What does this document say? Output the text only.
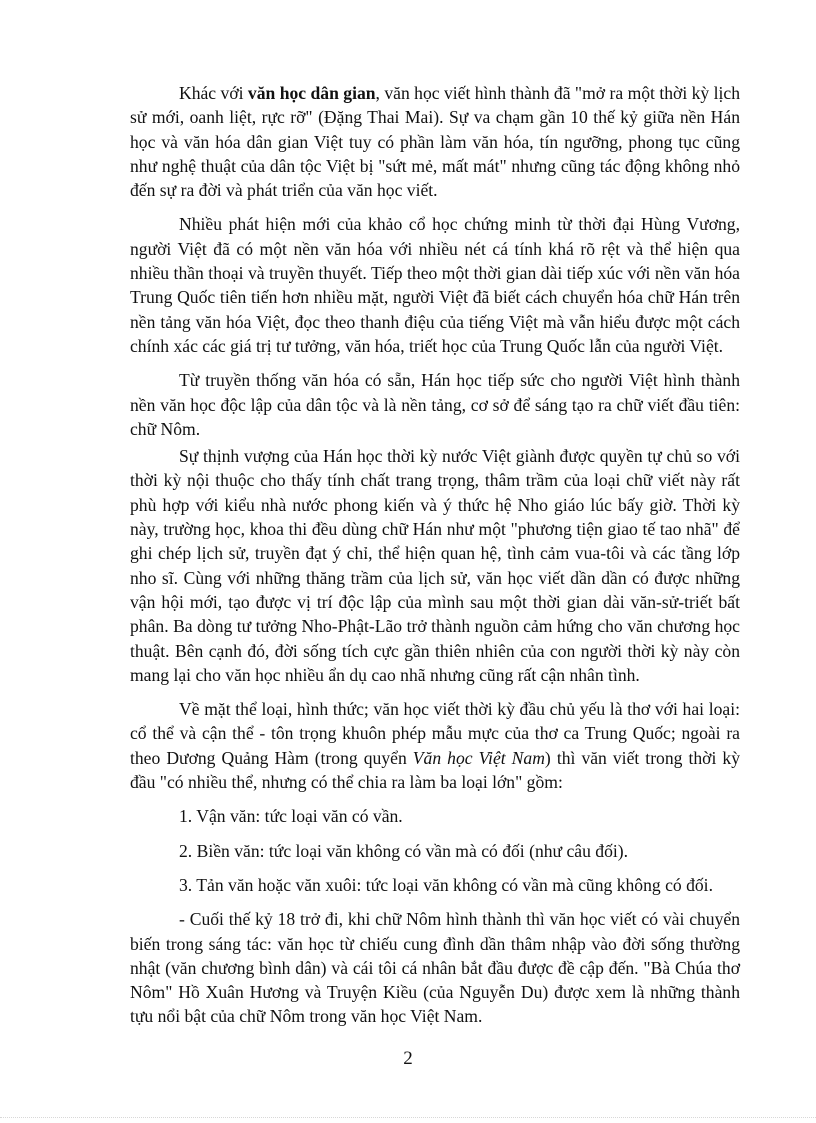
Khác với văn học dân gian, văn học viết hình thành đã "mở ra một thời kỳ lịch sử mới, oanh liệt, rực rỡ" (Đặng Thai Mai). Sự va chạm gần 10 thế kỷ giữa nền Hán học và văn hóa dân gian Việt tuy có phần làm văn hóa, tín ngưỡng, phong tục cũng như nghệ thuật của dân tộc Việt bị "sứt mẻ, mất mát" nhưng cũng tác động không nhỏ đến sự ra đời và phát triển của văn học viết.

Nhiều phát hiện mới của khảo cổ học chứng minh từ thời đại Hùng Vương, người Việt đã có một nền văn hóa với nhiều nét cá tính khá rõ rệt và thể hiện qua nhiều thần thoại và truyền thuyết. Tiếp theo một thời gian dài tiếp xúc với nền văn hóa Trung Quốc tiên tiến hơn nhiều mặt, người Việt đã biết cách chuyển hóa chữ Hán trên nền tảng văn hóa Việt, đọc theo thanh điệu của tiếng Việt mà vẫn hiểu được một cách chính xác các giá trị tư tưởng, văn hóa, triết học của Trung Quốc lẫn của người Việt.

Từ truyền thống văn hóa có sẵn, Hán học tiếp sức cho người Việt hình thành nền văn học độc lập của dân tộc và là nền tảng, cơ sở để sáng tạo ra chữ viết đầu tiên: chữ Nôm.

Sự thịnh vượng của Hán học thời kỳ nước Việt giành được quyền tự chủ so với thời kỳ nội thuộc cho thấy tính chất trang trọng, thâm trầm của loại chữ viết này rất phù hợp với kiểu nhà nước phong kiến và ý thức hệ Nho giáo lúc bấy giờ. Thời kỳ này, trường học, khoa thi đều dùng chữ Hán như một "phương tiện giao tế tao nhã" để ghi chép lịch sử, truyền đạt ý chỉ, thể hiện quan hệ, tình cảm vua-tôi và các tầng lớp nho sĩ. Cùng với những thăng trầm của lịch sử, văn học viết dần dần có được những vận hội mới, tạo được vị trí độc lập của mình sau một thời gian dài văn-sử-triết bất phân. Ba dòng tư tưởng Nho-Phật-Lão trở thành nguồn cảm hứng cho văn chương học thuật. Bên cạnh đó, đời sống tích cực gần thiên nhiên của con người thời kỳ này còn mang lại cho văn học nhiều ẩn dụ cao nhã nhưng cũng rất cận nhân tình.

Về mặt thể loại, hình thức; văn học viết thời kỳ đầu chủ yếu là thơ với hai loại: cổ thể và cận thể - tôn trọng khuôn phép mẫu mực của thơ ca Trung Quốc; ngoài ra theo Dương Quảng Hàm (trong quyển Văn học Việt Nam) thì văn viết trong thời kỳ đầu "có nhiều thể, nhưng có thể chia ra làm ba loại lớn" gồm:

1. Vận văn: tức loại văn có vần.

2. Biền văn: tức loại văn không có vần mà có đối (như câu đối).

3. Tản văn hoặc văn xuôi: tức loại văn không có vần mà cũng không có đối.

- Cuối thế kỷ 18 trở đi, khi chữ Nôm hình thành thì văn học viết có vài chuyển biến trong sáng tác: văn học từ chiếu cung đình dần thâm nhập vào đời sống thường nhật (văn chương bình dân) và cái tôi cá nhân bắt đầu được đề cập đến. "Bà Chúa thơ Nôm" Hồ Xuân Hương và Truyện Kiều (của Nguyễn Du) được xem là những thành tựu nổi bật của chữ Nôm trong văn học Việt Nam.

2
